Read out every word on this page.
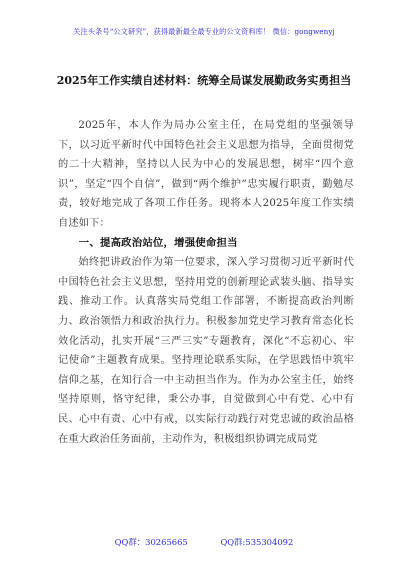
关注头条号“公文研究”，获得最新最全最专业的公文资料库！ 微信：gongwenyj
2025年工作实绩自述材料：统筹全局谋发展勤政务实勇担当

2025年，本人作为局办公室主任，在局党组的坚强领导下，以习近平新时代中国特色社会主义思想为指导，全面贯彻党的二十大精神，坚持以人民为中心的发展思想，树牢“四个意识”，坚定“四个自信”，做到“两个维护”忠实履行职责，勤勉尽责，较好地完成了各项工作任务。现将本人2025年度工作实绩自述如下：

一、提高政治站位，增强使命担当

始终把讲政治作为第一位要求，深入学习贯彻习近平新时代中国特色社会主义思想，坚持用党的创新理论武装头脑、指导实践、推动工作。认真落实局党组工作部署，不断提高政治判断力、政治领悟力和政治执行力。积极参加党史学习教育常态化长效化活动，扎实开展“三严三实”专题教育，深化“不忘初心、牢记使命”主题教育成果。坚持理论联系实际，在学思践悟中筑牢信仰之基，在知行合一中主动担当作为。作为办公室主任，始终坚持原则，恪守纪律，秉公办事，自觉做到心中有党、心中有民、心中有责、心中有戒，以实际行动践行对党忠诚的政治品格在重大政治任务面前，主动作为，积极组织协调完成局党

QQ群：30265665	QQ群:535304092
